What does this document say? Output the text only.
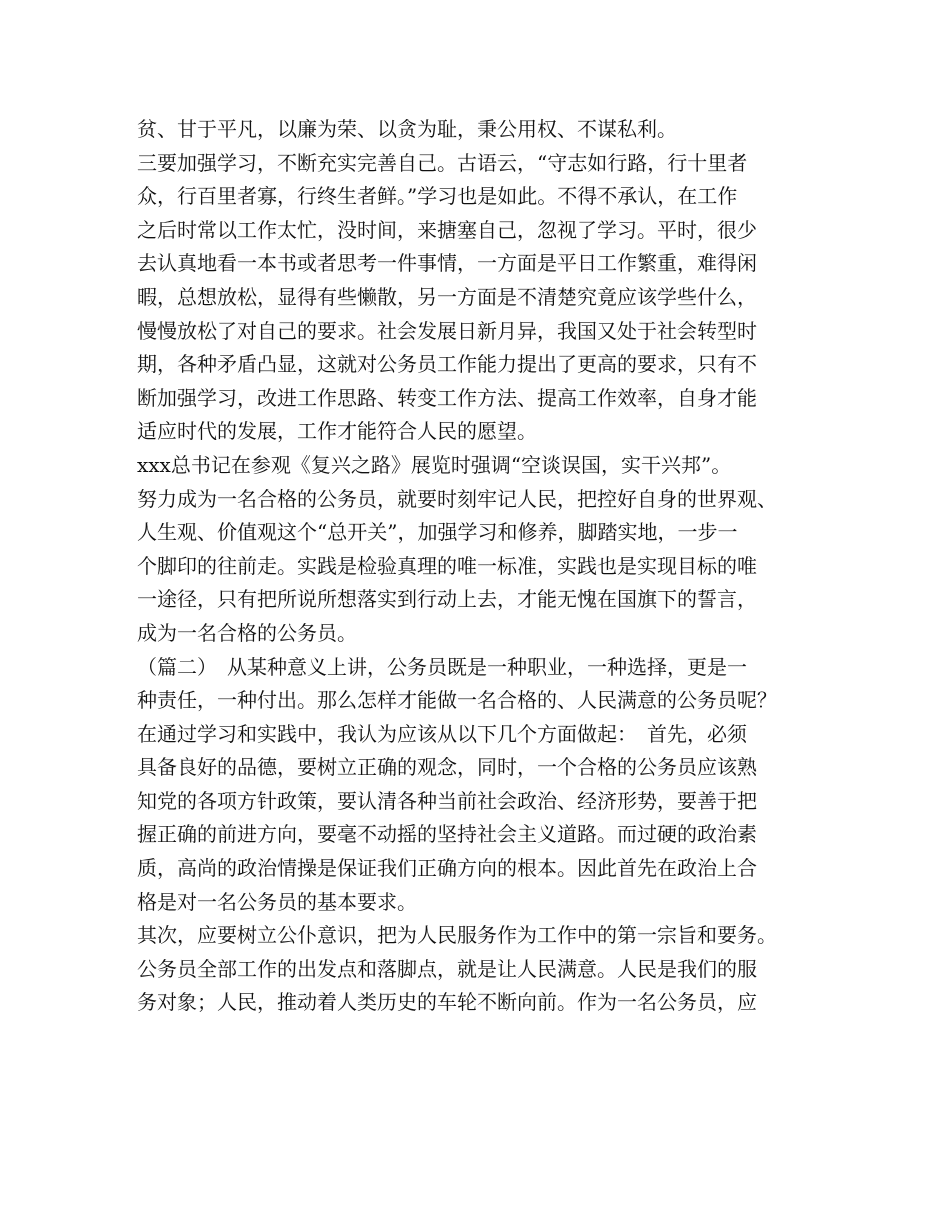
贫、甘于平凡，以廉为荣、以贪为耻，秉公用权、不谋私利。
三要加强学习，不断充实完善自己。古语云，“守志如行路，行十里者
众，行百里者寡，行终生者鲜。”学习也是如此。不得不承认，在工作
之后时常以工作太忙，没时间，来搪塞自己，忽视了学习。平时，很少
去认真地看一本书或者思考一件事情，一方面是平日工作繁重，难得闲
暇，总想放松，显得有些懒散，另一方面是不清楚究竟应该学些什么，
慢慢放松了对自己的要求。社会发展日新月异，我国又处于社会转型时
期，各种矛盾凸显，这就对公务员工作能力提出了更高的要求，只有不
断加强学习，改进工作思路、转变工作方法、提高工作效率，自身才能
适应时代的发展，工作才能符合人民的愿望。
xxx总书记在参观《复兴之路》展览时强调“空谈误国，实干兴邦”。
努力成为一名合格的公务员，就要时刻牢记人民，把控好自身的世界观、
人生观、价值观这个“总开关”，加强学习和修养，脚踏实地，一步一
个脚印的往前走。实践是检验真理的唯一标准，实践也是实现目标的唯
一途径，只有把所说所想落实到行动上去，才能无愧在国旗下的誓言，
成为一名合格的公务员。
（篇二）　从某种意义上讲，公务员既是一种职业，一种选择，更是一
种责任，一种付出。那么怎样才能做一名合格的、人民满意的公务员呢？
在通过学习和实践中，我认为应该从以下几个方面做起：　首先，必须
具备良好的品德，要树立正确的观念，同时，一个合格的公务员应该熟
知党的各项方针政策，要认清各种当前社会政治、经济形势，要善于把
握正确的前进方向，要毫不动摇的坚持社会主义道路。而过硬的政治素
质，高尚的政治情操是保证我们正确方向的根本。因此首先在政治上合
格是对一名公务员的基本要求。
其次，应要树立公仆意识，把为人民服务作为工作中的第一宗旨和要务。
公务员全部工作的出发点和落脚点，就是让人民满意。人民是我们的服
务对象；人民，推动着人类历史的车轮不断向前。作为一名公务员，应
